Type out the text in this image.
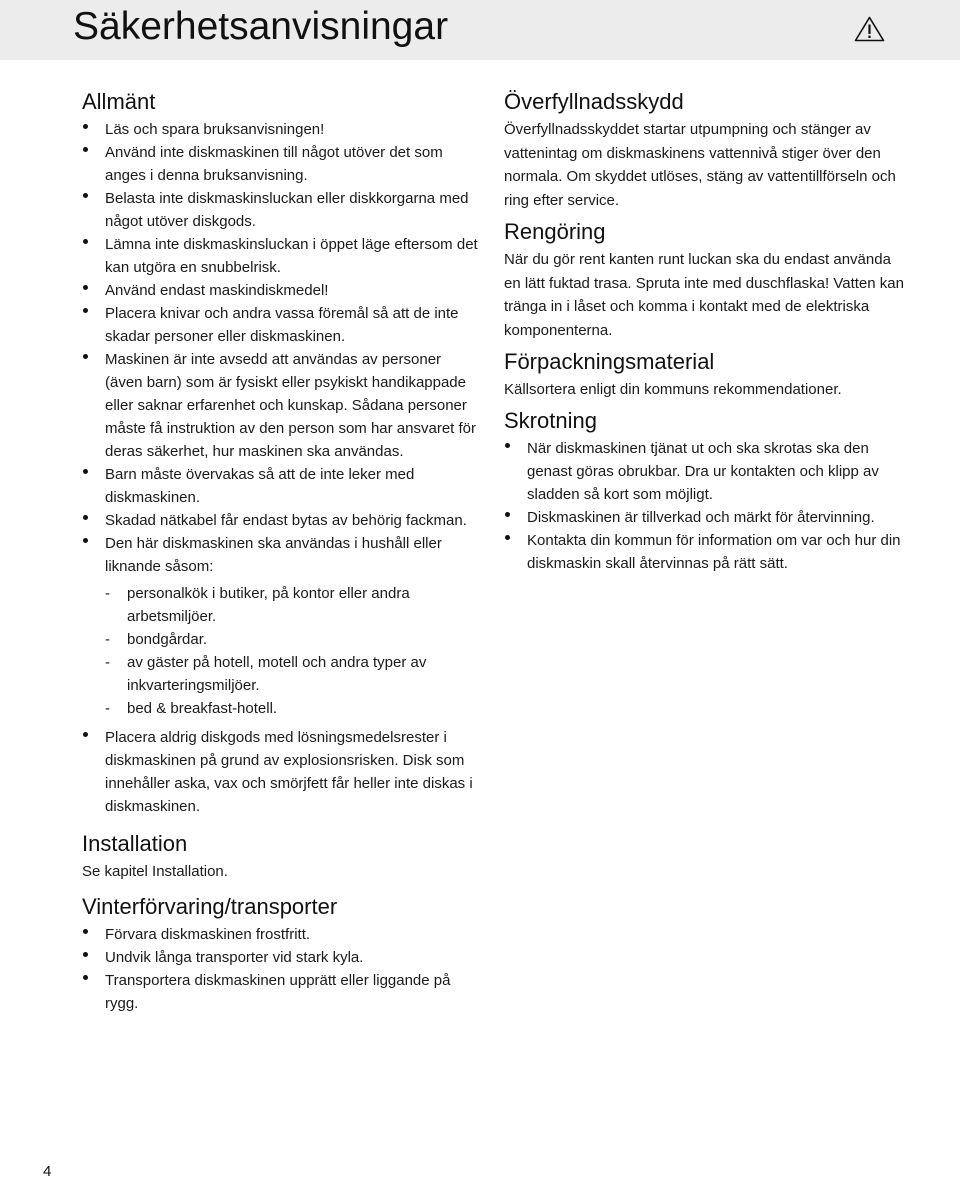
Säkerhetsanvisningar
Allmänt
Läs och spara bruksanvisningen!
Använd inte diskmaskinen till något utöver det som anges i denna bruksanvisning.
Belasta inte diskmaskinsluckan eller diskkorgarna med något utöver diskgods.
Lämna inte diskmaskinsluckan i öppet läge eftersom det kan utgöra en snubbelrisk.
Använd endast maskindiskmedel!
Placera knivar och andra vassa föremål så att de inte skadar personer eller diskmaskinen.
Maskinen är inte avsedd att användas av personer (även barn) som är fysiskt eller psykiskt handikappade eller saknar erfarenhet och kunskap. Sådana personer måste få instruktion av den person som har ansvaret för deras säkerhet, hur maskinen ska användas.
Barn måste övervakas så att de inte leker med diskmaskinen.
Skadad nätkabel får endast bytas av behörig fackman.
Den här diskmaskinen ska användas i hushåll eller liknande såsom:
- personalkök i butiker, på kontor eller andra arbetsmiljöer.
- bondgårdar.
- av gäster på hotell, motell och andra typer av inkvarteringsmiljöer.
- bed & breakfast-hotell.
Placera aldrig diskgods med lösningsmedelsrester i diskmaskinen på grund av explosionsrisken. Disk som innehåller aska, vax och smörjfett får heller inte diskas i diskmaskinen.
Installation

Se kapitel Installation.

Vinterförvaring/transporter
Förvara diskmaskinen frostfritt.
Undvik långa transporter vid stark kyla.
Transportera diskmaskinen upprätt eller liggande på rygg.
Överfyllnadsskydd

Överfyllnadsskyddet startar utpumpning och stänger av vattenintag om diskmaskinens vattennivå stiger över den normala. Om skyddet utlöses, stäng av vattentillförseln och ring efter service.

Rengöring

När du gör rent kanten runt luckan ska du endast använda en lätt fuktad trasa. Spruta inte med duschflaska! Vatten kan tränga in i låset och komma i kontakt med de elektriska komponenterna.

Förpackningsmaterial

Källsortera enligt din kommuns rekommendationer.

Skrotning
När diskmaskinen tjänat ut och ska skrotas ska den genast göras obrukbar. Dra ur kontakten och klipp av sladden så kort som möjligt.
Diskmaskinen är tillverkad och märkt för återvinning.
Kontakta din kommun för information om var och hur din diskmaskin skall återvinnas på rätt sätt.
4
